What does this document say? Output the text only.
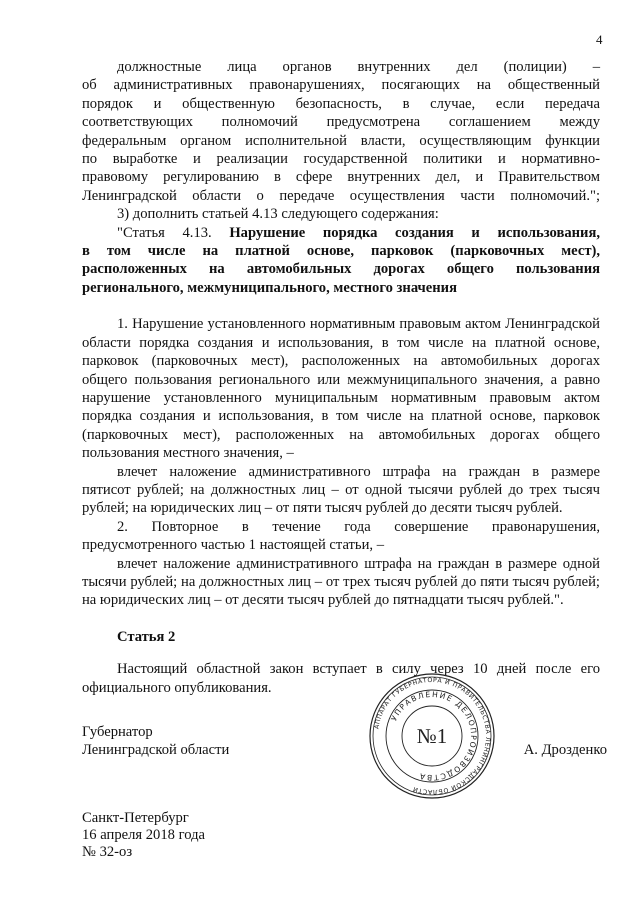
4

должностные лица органов внутренних дел (полиции) –
об административных правонарушениях, посягающих на общественный
порядок и общественную безопасность, в случае, если передача
соответствующих полномочий предусмотрена соглашением между
федеральным органом исполнительной власти, осуществляющим функции
по выработке и реализации государственной политики и нормативно-
правовому регулированию в сфере внутренних дел, и Правительством
Ленинградской области о передаче осуществления части полномочий.";

3) дополнить статьей 4.13 следующего содержания:

"Статья 4.13. Нарушение порядка создания и использования,
в том числе на платной основе, парковок (парковочных мест),
расположенных на автомобильных дорогах общего пользования
регионального, межмуниципального, местного значения

1. Нарушение установленного нормативным правовым актом Ленинградской
области порядка создания и использования, в том числе на платной основе,
парковок (парковочных мест), расположенных на автомобильных дорогах
общего пользования регионального или межмуниципального значения, а равно
нарушение установленного муниципальным нормативным правовым актом
порядка создания и использования, в том числе на платной основе, парковок
(парковочных мест), расположенных на автомобильных дорогах общего
пользования местного значения, –

влечет наложение административного штрафа на граждан в размере
пятисот рублей; на должностных лиц – от одной тысячи рублей до трех тысяч
рублей; на юридических лиц – от пяти тысяч рублей до десяти тысяч рублей.

2. Повторное в течение года совершение правонарушения,
предусмотренного частью 1 настоящей статьи, –

влечет наложение административного штрафа на граждан в размере одной
тысячи рублей; на должностных лиц – от трех тысяч рублей до пяти тысяч рублей;
на юридических лиц – от десяти тысяч рублей до пятнадцати тысяч рублей.".

Статья 2

Настоящий областной закон вступает в силу через 10 дней после его
официального опубликования.

АППАРАТ ГУБЕРНАТОРА И ПРАВИТЕЛЬСТВА ЛЕНИНГРАДСКОЙ ОБЛАСТИ
УПРАВЛЕНИЕ ДЕЛОПРОИЗВОДСТВА
№1
Губернатор
Ленинградской области	А. Дрозденко
Санкт-Петербург
16 апреля 2018 года
№ 32-оз
